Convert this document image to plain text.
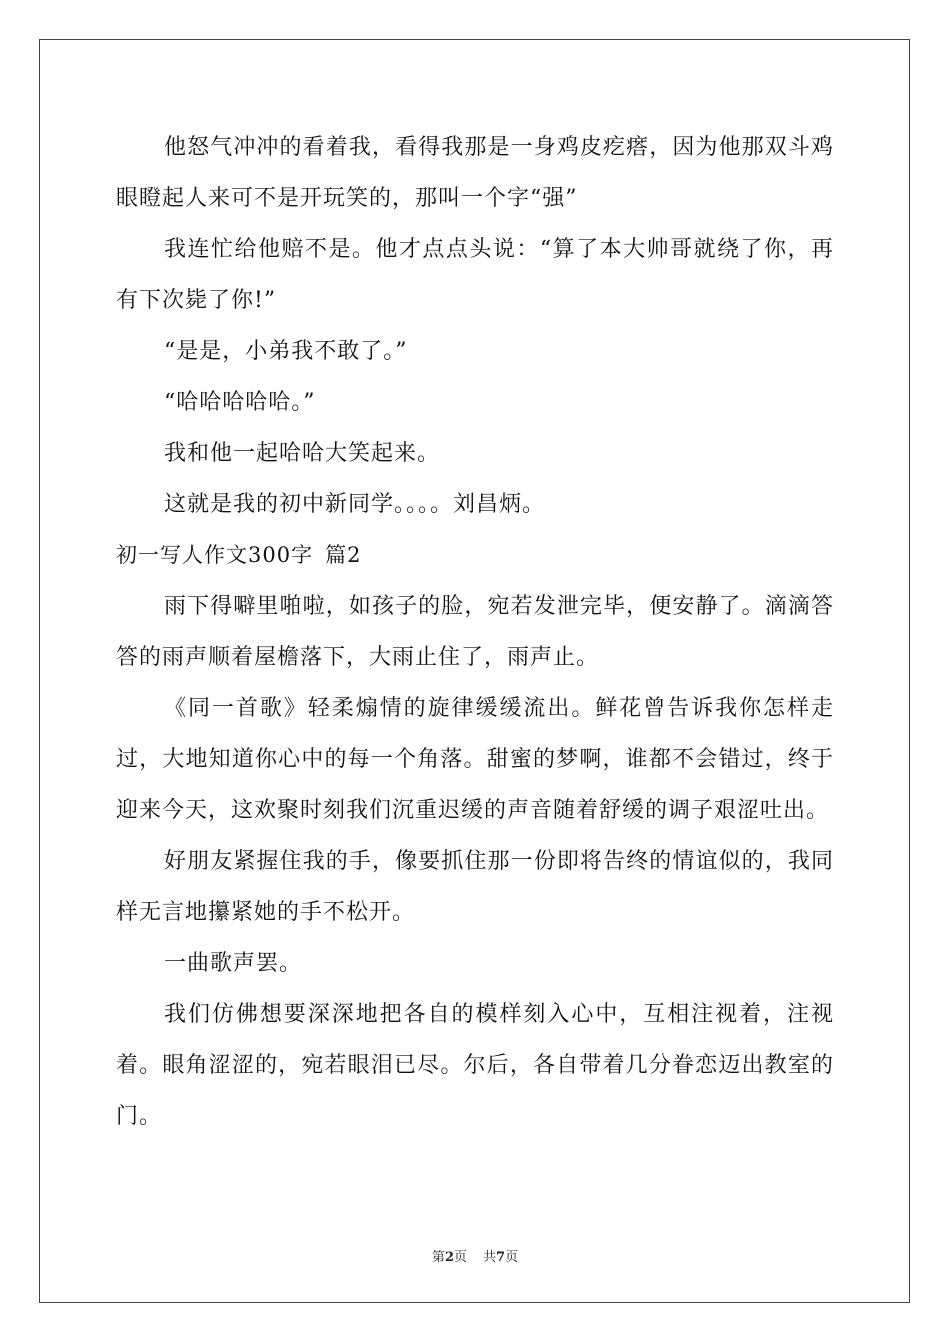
他怒气冲冲的看着我，看得我那是一身鸡皮疙瘩，因为他那双斗鸡眼瞪起人来可不是开玩笑的，那叫一个字“强”

我连忙给他赔不是。他才点点头说：“算了本大帅哥就绕了你，再有下次毙了你!”

“是是，小弟我不敢了。”

“哈哈哈哈哈。”

我和他一起哈哈大笑起来。

这就是我的初中新同学。。。。刘昌炳。

初一写人作文300字 篇2

雨下得噼里啪啦，如孩子的脸，宛若发泄完毕，便安静了。滴滴答答的雨声顺着屋檐落下，大雨止住了，雨声止。

《同一首歌》轻柔煽情的旋律缓缓流出。鲜花曾告诉我你怎样走过，大地知道你心中的每一个角落。甜蜜的梦啊，谁都不会错过，终于迎来今天，这欢聚时刻我们沉重迟缓的声音随着舒缓的调子艰涩吐出。

好朋友紧握住我的手，像要抓住那一份即将告终的情谊似的，我同样无言地攥紧她的手不松开。

一曲歌声罢。

我们仿佛想要深深地把各自的模样刻入心中，互相注视着，注视着。眼角涩涩的，宛若眼泪已尽。尔后，各自带着几分眷恋迈出教室的门。

第2页 共7页
